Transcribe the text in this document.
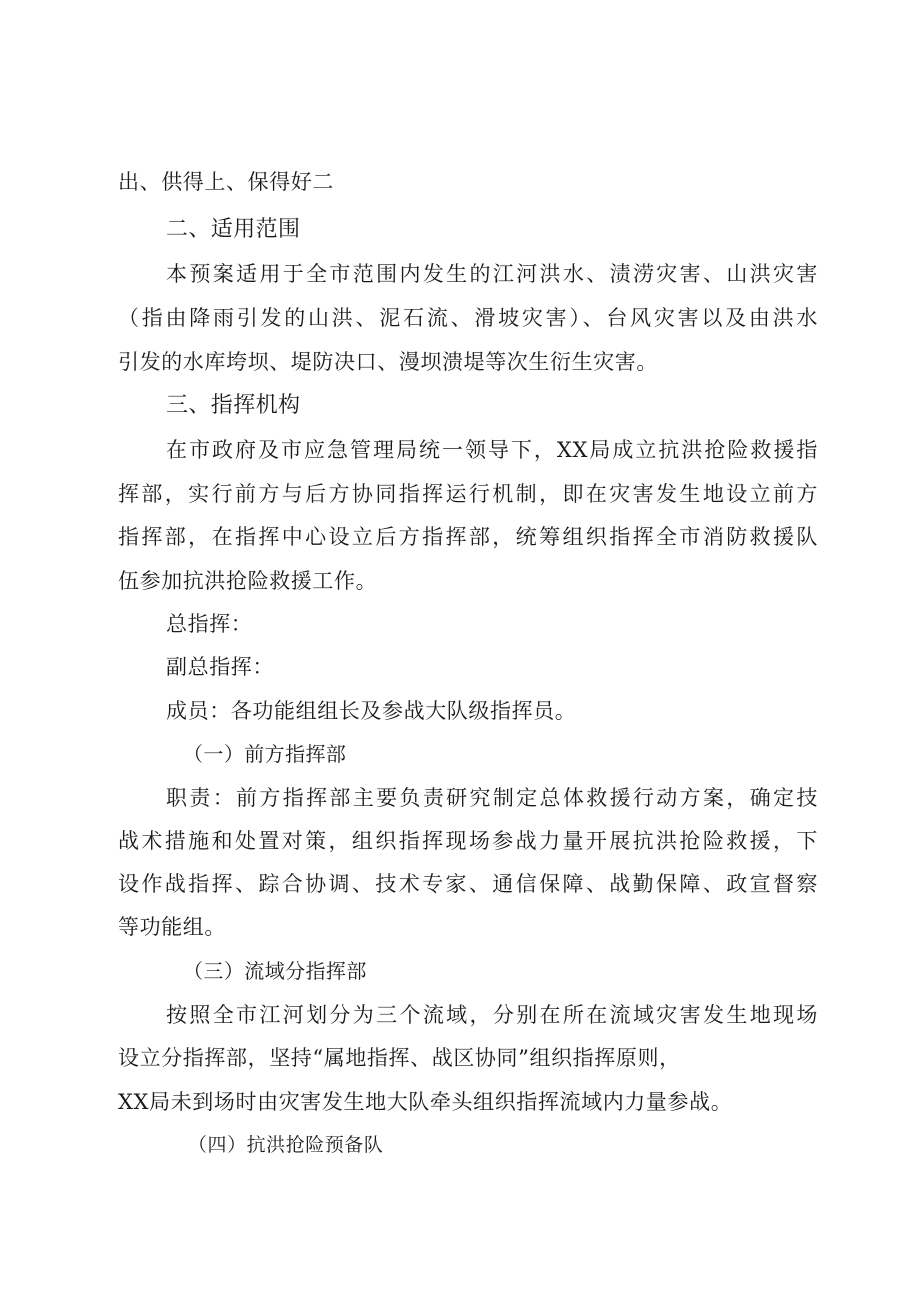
出、供得上、保得好二
二、适用范围
本预案适用于全市范围内发生的江河洪水、渍涝灾害、山洪灾害
（指由降雨引发的山洪、泥石流、滑坡灾害）、台风灾害以及由洪水
引发的水库垮坝、堤防决口、漫坝溃堤等次生衍生灾害。
三、指挥机构
在市政府及市应急管理局统一领导下，XX局成立抗洪抢险救援指
挥部，实行前方与后方协同指挥运行机制，即在灾害发生地设立前方
指挥部，在指挥中心设立后方指挥部，统筹组织指挥全市消防救援队
伍参加抗洪抢险救援工作。
总指挥：
副总指挥：
成员：各功能组组长及参战大队级指挥员。
（一）前方指挥部
职责：前方指挥部主要负责研究制定总体救援行动方案，确定技
战术措施和处置对策，组织指挥现场参战力量开展抗洪抢险救援，下
设作战指挥、踪合协调、技术专家、通信保障、战勤保障、政宣督察
等功能组。
（三）流域分指挥部
按照全市江河划分为三个流域，分别在所在流域灾害发生地现场
设立分指挥部，坚持“属地指挥、战区协同”组织指挥原则，
XX局未到场时由灾害发生地大队牵头组织指挥流域内力量参战。
（四）抗洪抢险预备队
